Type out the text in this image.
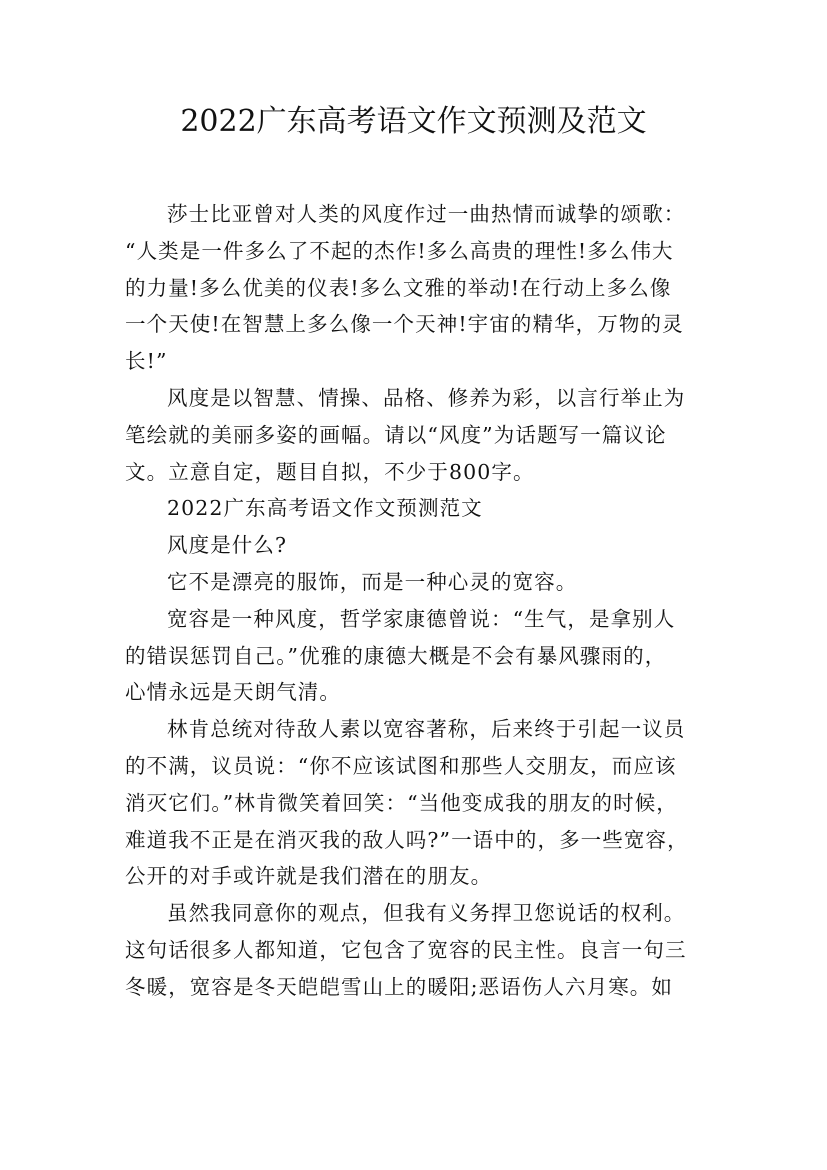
2022广东高考语文作文预测及范文
莎士比亚曾对人类的风度作过一曲热情而诚挚的颂歌：
“人类是一件多么了不起的杰作!多么高贵的理性!多么伟大
的力量!多么优美的仪表!多么文雅的举动!在行动上多么像
一个天使!在智慧上多么像一个天神!宇宙的精华，万物的灵
长!”
风度是以智慧、情操、品格、修养为彩，以言行举止为
笔绘就的美丽多姿的画幅。请以“风度”为话题写一篇议论
文。立意自定，题目自拟，不少于800字。
2022广东高考语文作文预测范文
风度是什么?
它不是漂亮的服饰，而是一种心灵的宽容。
宽容是一种风度，哲学家康德曾说：“生气，是拿别人
的错误惩罚自己。”优雅的康德大概是不会有暴风骤雨的，
心情永远是天朗气清。
林肯总统对待敌人素以宽容著称，后来终于引起一议员
的不满，议员说：“你不应该试图和那些人交朋友，而应该
消灭它们。”林肯微笑着回笑：“当他变成我的朋友的时候，
难道我不正是在消灭我的敌人吗?”一语中的，多一些宽容，
公开的对手或许就是我们潜在的朋友。
虽然我同意你的观点，但我有义务捍卫您说话的权利。
这句话很多人都知道，它包含了宽容的民主性。良言一句三
冬暖，宽容是冬天皑皑雪山上的暖阳;恶语伤人六月寒。如
